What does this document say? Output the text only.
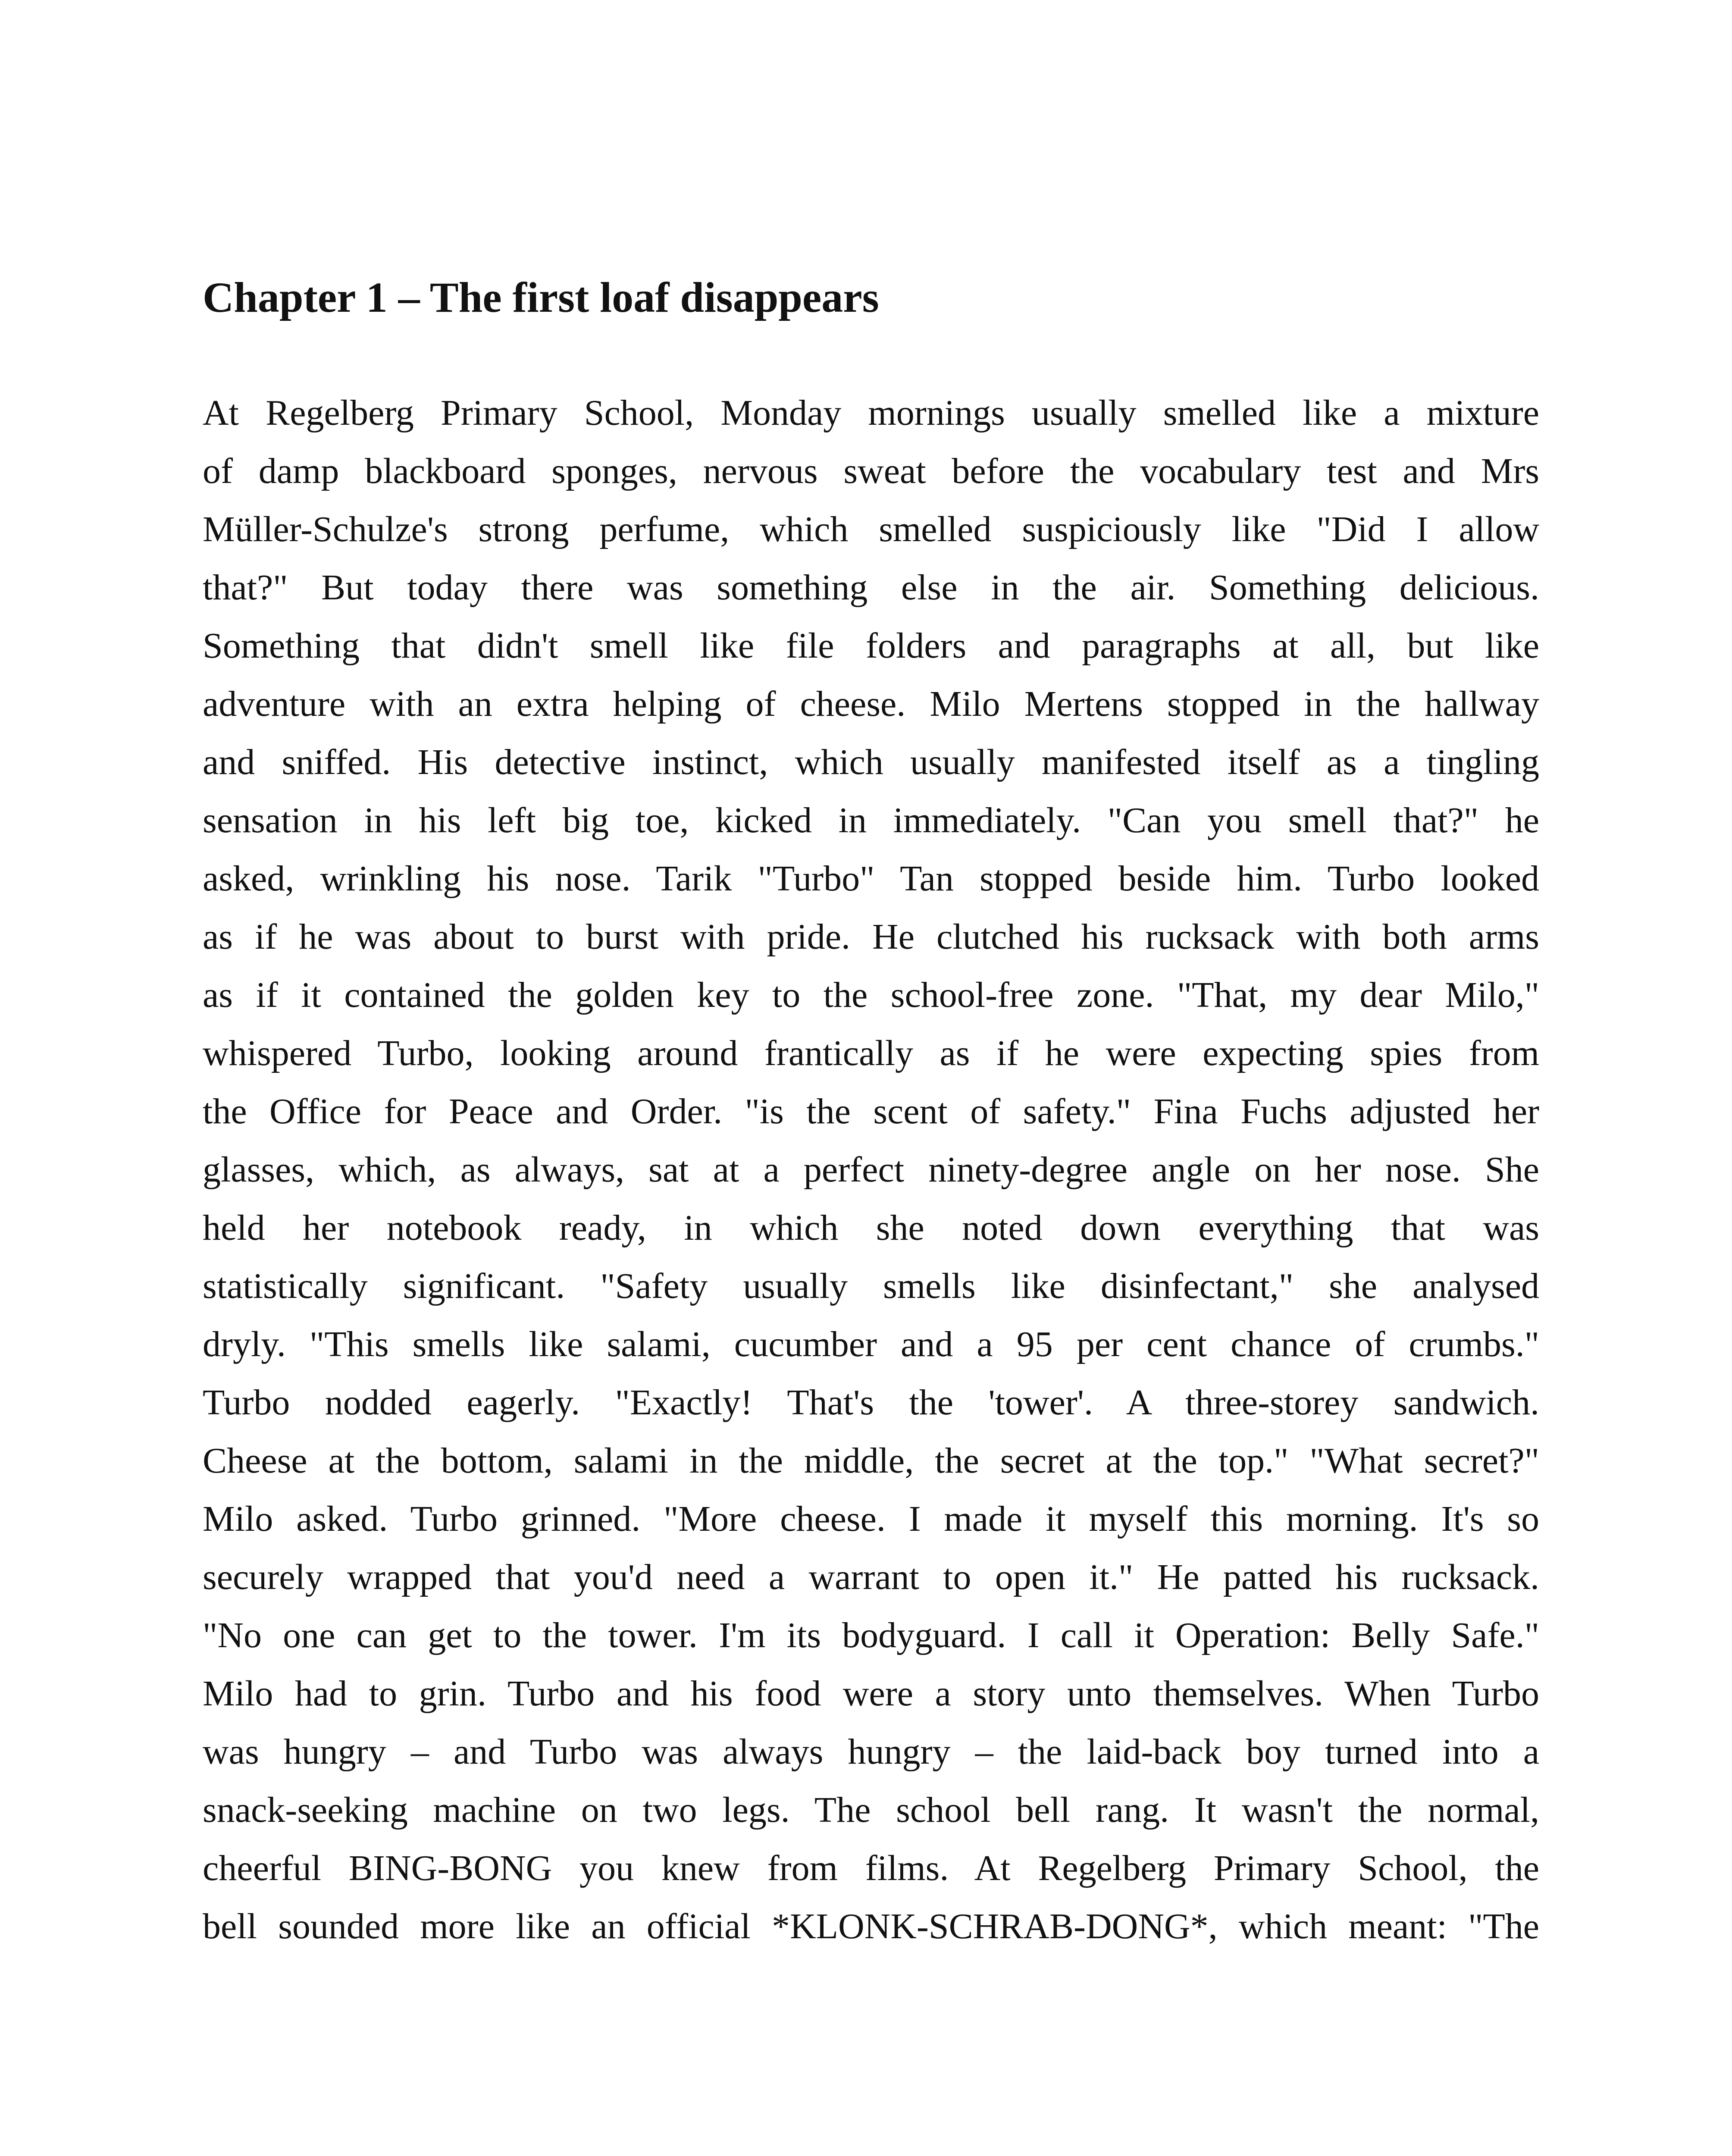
Chapter 1 – The first loaf disappears
At Regelberg Primary School, Monday mornings usually smelled like a mixture
of damp blackboard sponges, nervous sweat before the vocabulary test and Mrs
Müller-Schulze's strong perfume, which smelled suspiciously like "Did I allow
that?" But today there was something else in the air. Something delicious.
Something that didn't smell like file folders and paragraphs at all, but like
adventure with an extra helping of cheese. Milo Mertens stopped in the hallway
and sniffed. His detective instinct, which usually manifested itself as a tingling
sensation in his left big toe, kicked in immediately. "Can you smell that?" he
asked, wrinkling his nose. Tarik "Turbo" Tan stopped beside him. Turbo looked
as if he was about to burst with pride. He clutched his rucksack with both arms
as if it contained the golden key to the school-free zone. "That, my dear Milo,"
whispered Turbo, looking around frantically as if he were expecting spies from
the Office for Peace and Order. "is the scent of safety." Fina Fuchs adjusted her
glasses, which, as always, sat at a perfect ninety-degree angle on her nose. She
held her notebook ready, in which she noted down everything that was
statistically significant. "Safety usually smells like disinfectant," she analysed
dryly. "This smells like salami, cucumber and a 95 per cent chance of crumbs."
Turbo nodded eagerly. "Exactly! That's the 'tower'. A three-storey sandwich.
Cheese at the bottom, salami in the middle, the secret at the top." "What secret?"
Milo asked. Turbo grinned. "More cheese. I made it myself this morning. It's so
securely wrapped that you'd need a warrant to open it." He patted his rucksack.
"No one can get to the tower. I'm its bodyguard. I call it Operation: Belly Safe."
Milo had to grin. Turbo and his food were a story unto themselves. When Turbo
was hungry – and Turbo was always hungry – the laid-back boy turned into a
snack-seeking machine on two legs. The school bell rang. It wasn't the normal,
cheerful BING-BONG you knew from films. At Regelberg Primary School, the
bell sounded more like an official *KLONK-SCHRAB-DONG*, which meant: "The
